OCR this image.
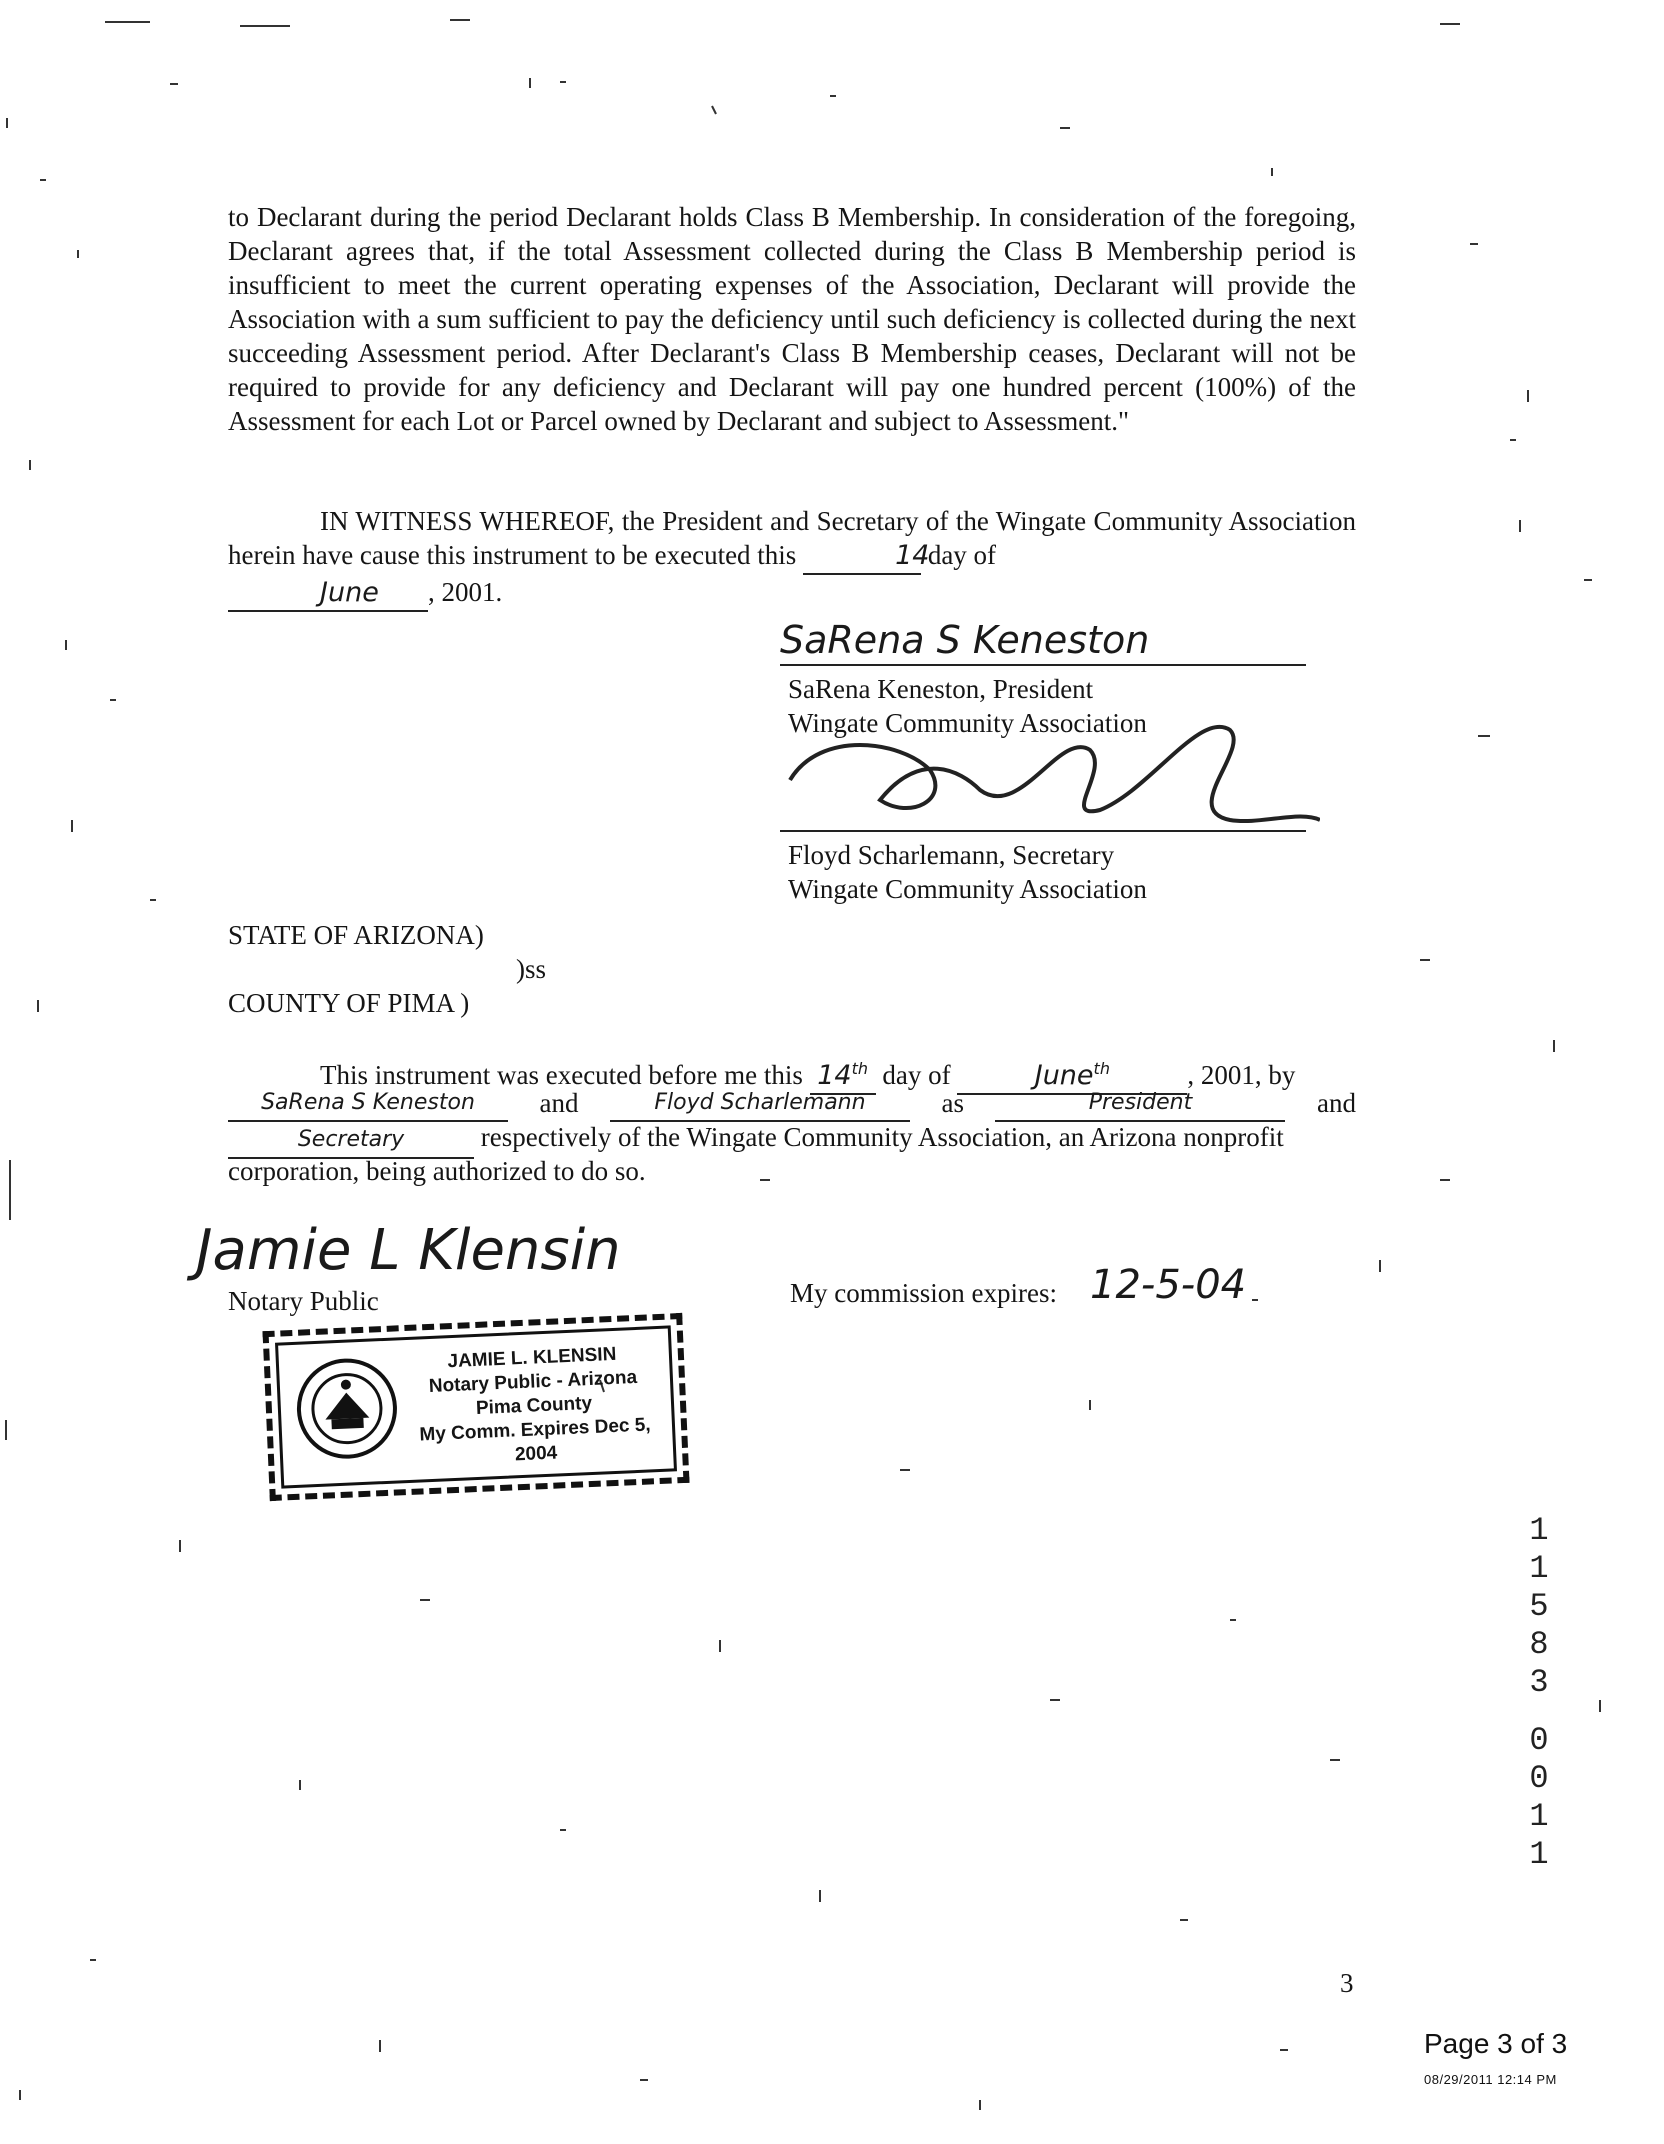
to Declarant during the period Declarant holds Class B Membership. In consideration of the foregoing, Declarant agrees that, if the total Assessment collected during the Class B Membership period is insufficient to meet the current operating expenses of the Association, Declarant will provide the Association with a sum sufficient to pay the deficiency until such deficiency is collected during the next succeeding Assessment period. After Declarant's Class B Membership ceases, Declarant will not be required to provide for any deficiency and Declarant will pay one hundred percent (100%) of the Assessment for each Lot or Parcel owned by Declarant and subject to Assessment."
IN WITNESS WHEREOF, the President and Secretary of the Wingate Community Association herein have cause this instrument to be executed this	14 day of
June , 2001.
SaRena S Keneston
SaRena Keneston, President
Wingate Community Association
Floyd Scharlemann, Secretary
Wingate Community Association
STATE OF ARIZONA)
)ss
COUNTY OF PIMA )
This instrument was executed before me this 14th day of	June$^{th}$	, 2001, by
SaRena S Keneston	and	Floyd Scharlemann	as	President	and
Secretary	respectively of the Wingate Community Association, an Arizona nonprofit
corporation, being authorized to do so.
Jamie L Klensin
Notary Public	My commission expires: 12-5-04
JAMIE L. KLENSIN
Notary Public - Arizona
Pima County
My Comm. Expires Dec 5, 2004
1
1
5
8
3
0
0
1
1
3
Page 3 of 3
08/29/2011 12:14 PM
